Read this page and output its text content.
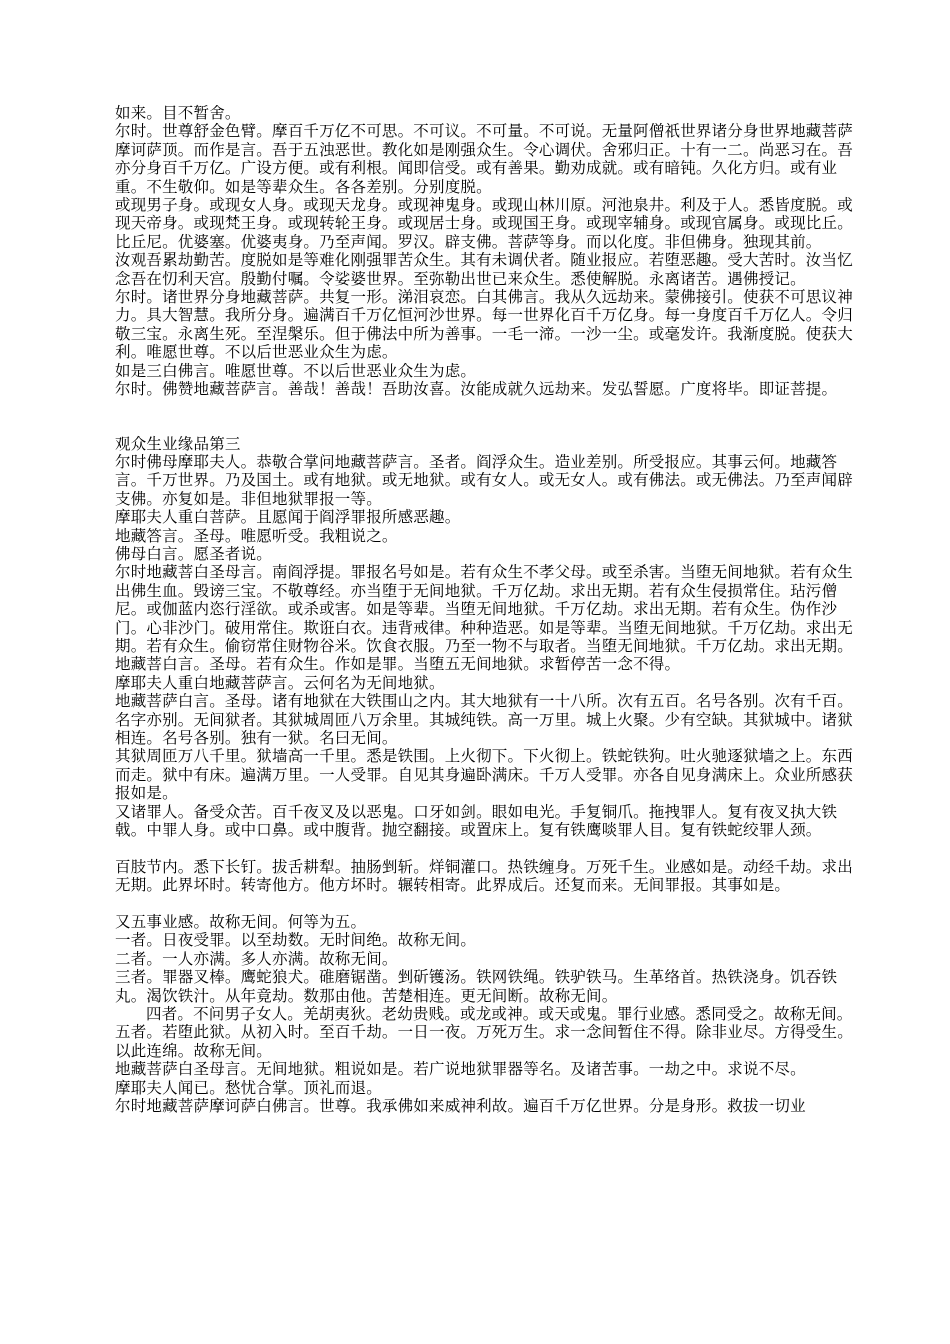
如来。目不暂舍。

尔时。世尊舒金色臂。摩百千万亿不可思。不可议。不可量。不可说。无量阿僧祇世界诸分身世界地藏菩萨摩诃萨顶。而作是言。吾于五浊恶世。教化如是刚强众生。令心调伏。舍邪归正。十有一二。尚恶习在。吾亦分身百千万亿。广设方便。或有利根。闻即信受。或有善果。勤劝成就。或有暗钝。久化方归。或有业重。不生敬仰。如是等辈众生。各各差别。分别度脱。

或现男子身。或现女人身。或现天龙身。或现神鬼身。或现山林川原。河池泉井。利及于人。悉皆度脱。或现天帝身。或现梵王身。或现转轮王身。或现居士身。或现国王身。或现宰辅身。或现官属身。或现比丘。比丘尼。优婆塞。优婆夷身。乃至声闻。罗汉。辟支佛。菩萨等身。而以化度。非但佛身。独现其前。

汝观吾累劫勤苦。度脱如是等难化刚强罪苦众生。其有未调伏者。随业报应。若堕恶趣。受大苦时。汝当忆念吾在忉利天宫。殷勤付嘱。令娑婆世界。至弥勒出世已来众生。悉使解脱。永离诸苦。遇佛授记。

尔时。诸世界分身地藏菩萨。共复一形。涕泪哀恋。白其佛言。我从久远劫来。蒙佛接引。使获不可思议神力。具大智慧。我所分身。遍满百千万亿恒河沙世界。每一世界化百千万亿身。每一身度百千万亿人。令归敬三宝。永离生死。至涅槃乐。但于佛法中所为善事。一毛一渧。一沙一尘。或毫发许。我渐度脱。使获大利。唯愿世尊。不以后世恶业众生为虑。

如是三白佛言。唯愿世尊。不以后世恶业众生为虑。

尔时。佛赞地藏菩萨言。善哉！善哉！吾助汝喜。汝能成就久远劫来。发弘誓愿。广度将毕。即证菩提。

观众生业缘品第三

尔时佛母摩耶夫人。恭敬合掌问地藏菩萨言。圣者。阎浮众生。造业差别。所受报应。其事云何。地藏答言。千万世界。乃及国土。或有地狱。或无地狱。或有女人。或无女人。或有佛法。或无佛法。乃至声闻辟支佛。亦复如是。非但地狱罪报一等。

摩耶夫人重白菩萨。且愿闻于阎浮罪报所感恶趣。

地藏答言。圣母。唯愿听受。我粗说之。

佛母白言。愿圣者说。

尔时地藏菩白圣母言。南阎浮提。罪报名号如是。若有众生不孝父母。或至杀害。当堕无间地狱。若有众生出佛生血。毁谤三宝。不敬尊经。亦当堕于无间地狱。千万亿劫。求出无期。若有众生侵损常住。玷污僧尼。或伽蓝内恣行淫欲。或杀或害。如是等辈。当堕无间地狱。千万亿劫。求出无期。若有众生。伪作沙门。心非沙门。破用常住。欺诳白衣。违背戒律。种种造恶。如是等辈。当堕无间地狱。千万亿劫。求出无期。若有众生。偷窃常住财物谷米。饮食衣服。乃至一物不与取者。当堕无间地狱。千万亿劫。求出无期。

地藏菩白言。圣母。若有众生。作如是罪。当堕五无间地狱。求暂停苦一念不得。

摩耶夫人重白地藏菩萨言。云何名为无间地狱。

地藏菩萨白言。圣母。诸有地狱在大铁围山之内。其大地狱有一十八所。次有五百。名号各别。次有千百。名字亦别。无间狱者。其狱城周匝八万余里。其城纯铁。高一万里。城上火聚。少有空缺。其狱城中。诸狱相连。名号各别。独有一狱。名曰无间。

其狱周匝万八千里。狱墙高一千里。悉是铁围。上火彻下。下火彻上。铁蛇铁狗。吐火驰逐狱墙之上。东西而走。狱中有床。遍满万里。一人受罪。自见其身遍卧满床。千万人受罪。亦各自见身满床上。众业所感获报如是。

又诸罪人。备受众苦。百千夜叉及以恶鬼。口牙如剑。眼如电光。手复铜爪。拖拽罪人。复有夜叉执大铁戟。中罪人身。或中口鼻。或中腹背。抛空翻接。或置床上。复有铁鹰啖罪人目。复有铁蛇绞罪人颈。

百肢节内。悉下长钉。拔舌耕犁。抽肠剉斩。烊铜灌口。热铁缠身。万死千生。业感如是。动经千劫。求出无期。此界坏时。转寄他方。他方坏时。辗转相寄。此界成后。还复而来。无间罪报。其事如是。

又五事业感。故称无间。何等为五。

一者。日夜受罪。以至劫数。无时间绝。故称无间。

二者。一人亦满。多人亦满。故称无间。

三者。罪器叉棒。鹰蛇狼犬。碓磨锯凿。剉斫镬汤。铁网铁绳。铁驴铁马。生革络首。热铁浇身。饥吞铁丸。渴饮铁汁。从年竟劫。数那由他。苦楚相连。更无间断。故称无间。

四者。不问男子女人。羌胡夷狄。老幼贵贱。或龙或神。或天或鬼。罪行业感。悉同受之。故称无间。

五者。若堕此狱。从初入时。至百千劫。一日一夜。万死万生。求一念间暂住不得。除非业尽。方得受生。以此连绵。故称无间。

地藏菩萨白圣母言。无间地狱。粗说如是。若广说地狱罪器等名。及诸苦事。一劫之中。求说不尽。

摩耶夫人闻已。愁忧合掌。顶礼而退。

尔时地藏菩萨摩诃萨白佛言。世尊。我承佛如来威神利故。遍百千万亿世界。分是身形。救拔一切业
